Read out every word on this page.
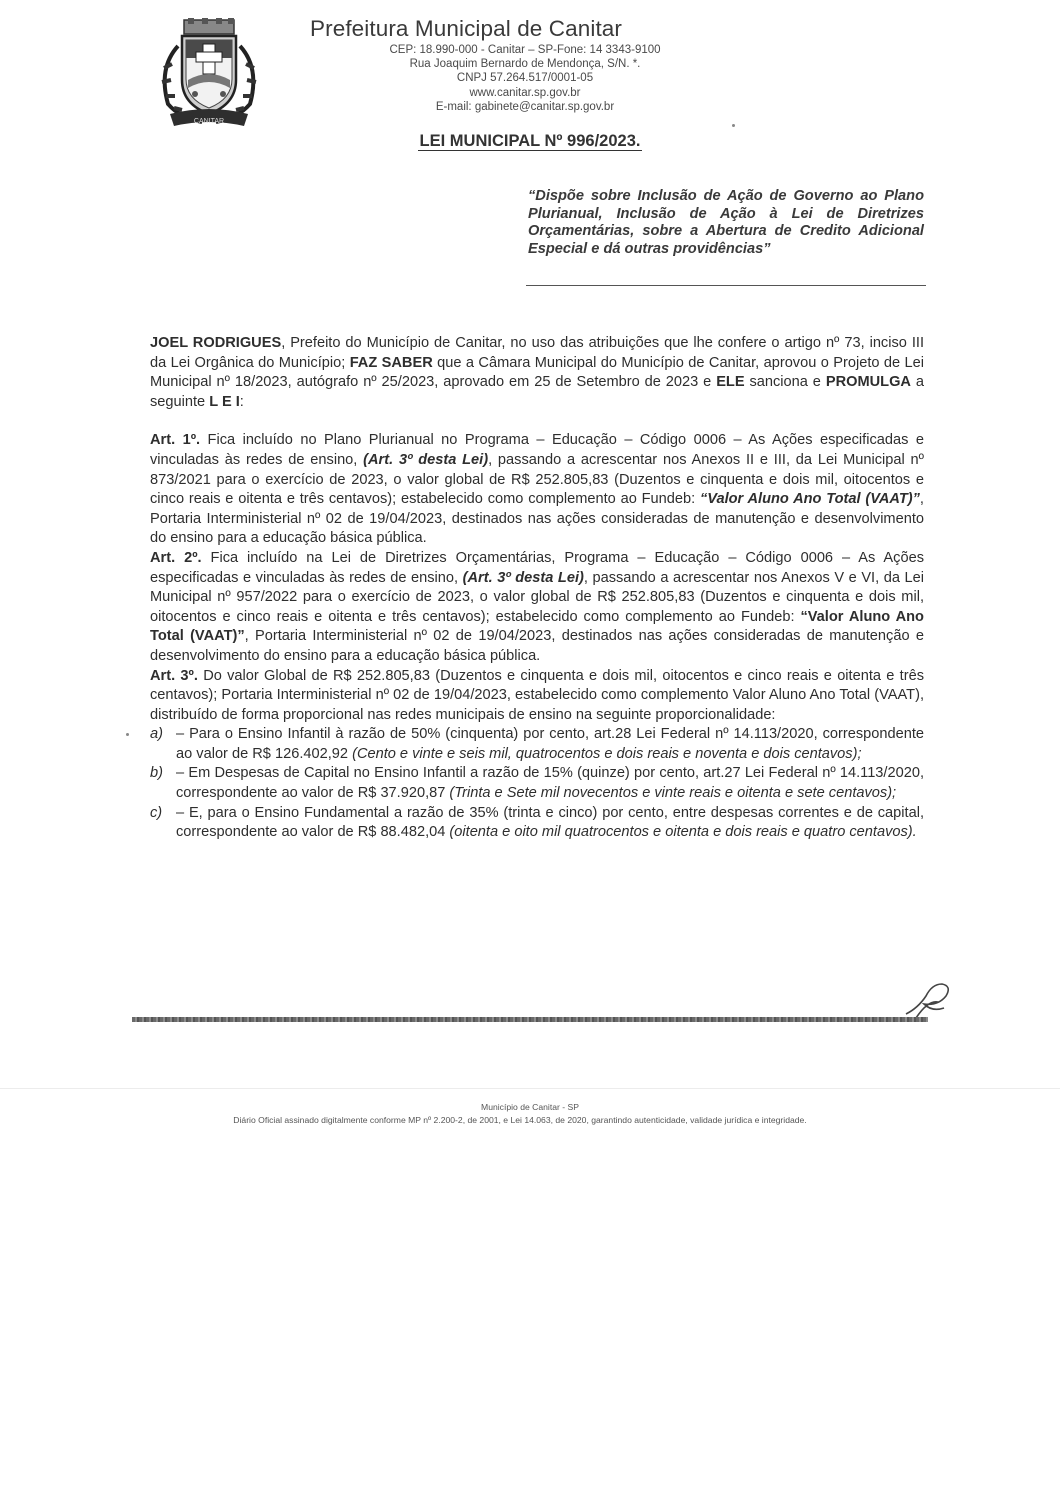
CANITAR
Prefeitura Municipal de Canitar
CEP: 18.990-000 - Canitar – SP-Fone: 14 3343-9100
Rua Joaquim Bernardo de Mendonça, S/N. *.
CNPJ 57.264.517/0001-05
www.canitar.sp.gov.br
E-mail: gabinete@canitar.sp.gov.br
LEI MUNICIPAL Nº 996/2023.
“Dispõe sobre Inclusão de Ação de Governo ao Plano Plurianual, Inclusão de Ação à Lei de Diretrizes Orçamentárias, sobre a Abertura de Credito Adicional Especial e dá outras providências”

JOEL RODRIGUES, Prefeito do Município de Canitar, no uso das atribuições que lhe confere o artigo nº 73, inciso III da Lei Orgânica do Município; FAZ SABER que a Câmara Municipal do Município de Canitar, aprovou o Projeto de Lei Municipal nº 18/2023, autógrafo nº 25/2023, aprovado em 25 de Setembro de 2023 e ELE sanciona e PROMULGA a seguinte L E I:

Art. 1º. Fica incluído no Plano Plurianual no Programa – Educação – Código 0006 – As Ações especificadas e vinculadas às redes de ensino, (Art. 3º desta Lei), passando a acrescentar nos Anexos II e III, da Lei Municipal nº 873/2021 para o exercício de 2023, o valor global de R$ 252.805,83 (Duzentos e cinquenta e dois mil, oitocentos e cinco reais e oitenta e três centavos); estabelecido como complemento ao Fundeb: “Valor Aluno Ano Total (VAAT)”, Portaria Interministerial nº 02 de 19/04/2023, destinados nas ações consideradas de manutenção e desenvolvimento do ensino para a educação básica pública.

Art. 2º. Fica incluído na Lei de Diretrizes Orçamentárias, Programa – Educação – Código 0006 – As Ações especificadas e vinculadas às redes de ensino, (Art. 3º desta Lei), passando a acrescentar nos Anexos V e VI, da Lei Municipal nº 957/2022 para o exercício de 2023, o valor global de R$ 252.805,83 (Duzentos e cinquenta e dois mil, oitocentos e cinco reais e oitenta e três centavos); estabelecido como complemento ao Fundeb: “Valor Aluno Ano Total (VAAT)”, Portaria Interministerial nº 02 de 19/04/2023, destinados nas ações consideradas de manutenção e desenvolvimento do ensino para a educação básica pública.

Art. 3º. Do valor Global de R$ 252.805,83 (Duzentos e cinquenta e dois mil, oitocentos e cinco reais e oitenta e três centavos); Portaria Interministerial nº 02 de 19/04/2023, estabelecido como complemento Valor Aluno Ano Total (VAAT), distribuído de forma proporcional nas redes municipais de ensino na seguinte proporcionalidade:

a) – Para o Ensino Infantil à razão de 50% (cinquenta) por cento, art.28 Lei Federal nº 14.113/2020, correspondente ao valor de R$ 126.402,92 (Cento e vinte e seis mil, quatrocentos e dois reais e noventa e dois centavos);
b) – Em Despesas de Capital no Ensino Infantil a razão de 15% (quinze) por cento, art.27 Lei Federal nº 14.113/2020, correspondente ao valor de R$ 37.920,87 (Trinta e Sete mil novecentos e vinte reais e oitenta e sete centavos);
c) – E, para o Ensino Fundamental a razão de 35% (trinta e cinco) por cento, entre despesas correntes e de capital, correspondente ao valor de R$ 88.482,04 (oitenta e oito mil quatrocentos e oitenta e dois reais e quatro centavos).
Município de Canitar - SP
Diário Oficial assinado digitalmente conforme MP nº 2.200-2, de 2001, e Lei 14.063, de 2020, garantindo autenticidade, validade jurídica e integridade.
